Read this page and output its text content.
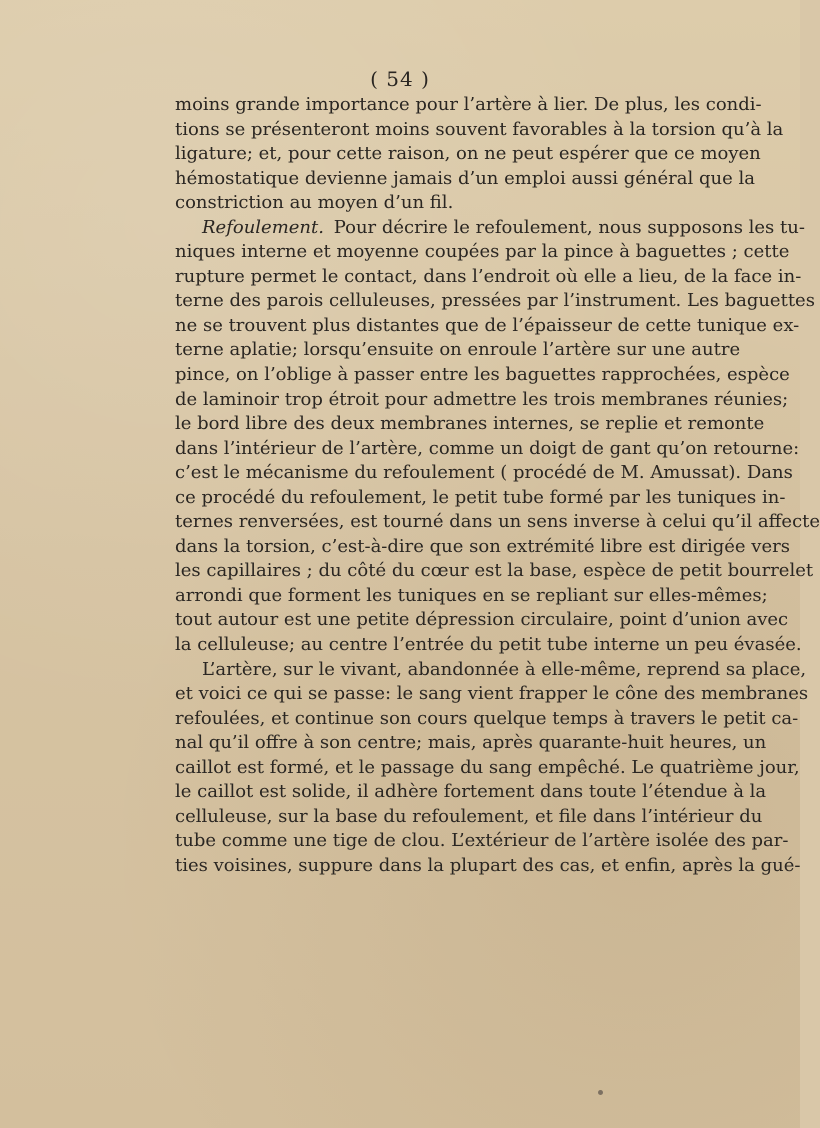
( 54 )
moins grande importance pour l’artère à lier. De plus, les condi-
tions se présenteront moins souvent favorables à la torsion qu’à la
ligature; et, pour cette raison, on ne peut espérer que ce moyen
hémostatique devienne jamais d’un emploi aussi général que la
constriction au moyen d’un fil.
Refoulement. Pour décrire le refoulement, nous supposons les tu-
niques interne et moyenne coupées par la pince à baguettes ; cette
rupture permet le contact, dans l’endroit où elle a lieu, de la face in-
terne des parois celluleuses, pressées par l’instrument. Les baguettes
ne se trouvent plus distantes que de l’épaisseur de cette tunique ex-
terne aplatie; lorsqu’ensuite on enroule l’artère sur une autre
pince, on l’oblige à passer entre les baguettes rapprochées, espèce
de laminoir trop étroit pour admettre les trois membranes réunies;
le bord libre des deux membranes internes, se replie et remonte
dans l’intérieur de l’artère, comme un doigt de gant qu’on retourne:
c’est le mécanisme du refoulement ( procédé de M. Amussat). Dans
ce procédé du refoulement, le petit tube formé par les tuniques in-
ternes renversées, est tourné dans un sens inverse à celui qu’il affecte
dans la torsion, c’est-à-dire que son extrémité libre est dirigée vers
les capillaires ; du côté du cœur est la base, espèce de petit bourrelet
arrondi que forment les tuniques en se repliant sur elles-mêmes;
tout autour est une petite dépression circulaire, point d’union avec
la celluleuse; au centre l’entrée du petit tube interne un peu évasée.
L’artère, sur le vivant, abandonnée à elle-même, reprend sa place,
et voici ce qui se passe: le sang vient frapper le cône des membranes
refoulées, et continue son cours quelque temps à travers le petit ca-
nal qu’il offre à son centre; mais, après quarante-huit heures, un
caillot est formé, et le passage du sang empêché. Le quatrième jour,
le caillot est solide, il adhère fortement dans toute l’étendue à la
celluleuse, sur la base du refoulement, et file dans l’intérieur du
tube comme une tige de clou. L’extérieur de l’artère isolée des par-
ties voisines, suppure dans la plupart des cas, et enfin, après la gué-
